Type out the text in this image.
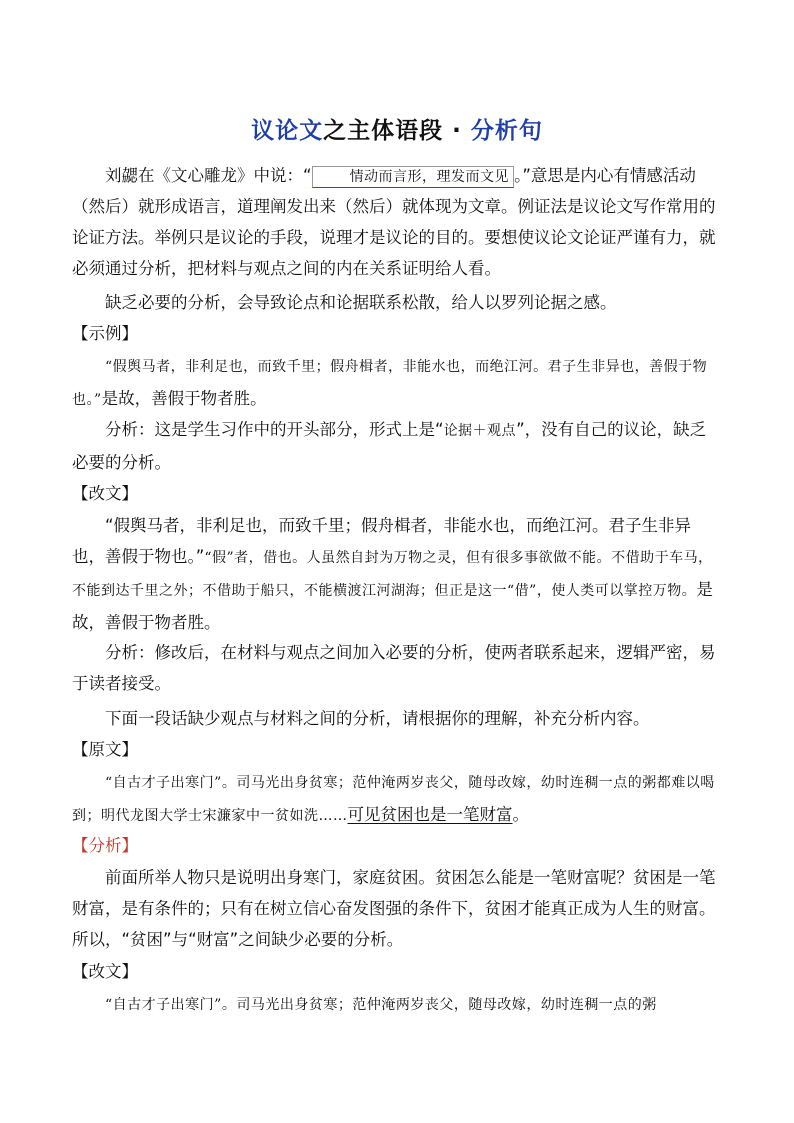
议论文之主体语段 · 分析句
刘勰在《文心雕龙》中说：“	情动而言形，理发而文见 。”意思是内心有情感活动（然后）就形成语言，道理阐发出来（然后）就体现为文章。例证法是议论文写作常用的论证方法。举例只是议论的手段，说理才是议论的目的。要想使议论文论证严谨有力，就必须通过分析，把材料与观点之间的内在关系证明给人看。
缺乏必要的分析，会导致论点和论据联系松散，给人以罗列论据之感。
【示例】
“假舆马者，非利足也，而致千里；假舟楫者，非能水也，而绝江河。君子生非异也，善假于物也。”是故，善假于物者胜。
分析：这是学生习作中的开头部分，形式上是“论据＋观点”，没有自己的议论，缺乏必要的分析。
【改文】
“假舆马者，非利足也，而致千里；假舟楫者，非能水也，而绝江河。君子生非异也，善假于物也。”“假”者，借也。人虽然自封为万物之灵，但有很多事欲做不能。不借助于车马，不能到达千里之外；不借助于船只，不能横渡江河湖海；但正是这一“借”，使人类可以掌控万物。是故，善假于物者胜。
分析：修改后，在材料与观点之间加入必要的分析，使两者联系起来，逻辑严密，易于读者接受。
下面一段话缺少观点与材料之间的分析，请根据你的理解，补充分析内容。
【原文】
“自古才子出寒门”。司马光出身贫寒；范仲淹两岁丧父，随母改嫁，幼时连稠一点的粥都难以喝到；明代龙图大学士宋濂家中一贫如洗……可见贫困也是一笔财富。
【分析】
前面所举人物只是说明出身寒门，家庭贫困。贫困怎么能是一笔财富呢？贫困是一笔财富，是有条件的；只有在树立信心奋发图强的条件下，贫困才能真正成为人生的财富。所以，“贫困”与“财富”之间缺少必要的分析。
【改文】
“自古才子出寒门”。司马光出身贫寒；范仲淹两岁丧父，随母改嫁，幼时连稠一点的粥
